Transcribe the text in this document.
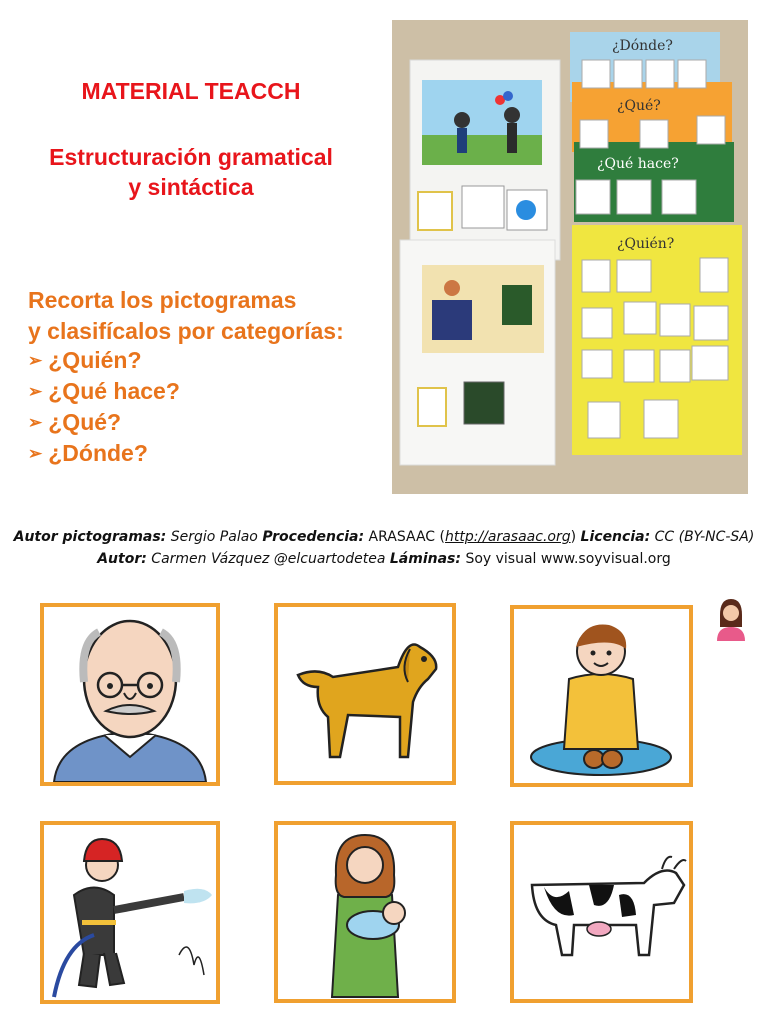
MATERIAL TEACCH
Estructuración gramatical
y sintáctica
Recorta los pictogramas
y clasifícalos por categorías:
➢ ¿Quién?
➢ ¿Qué hace?
➢ ¿Qué?
➢ ¿Dónde?
¿Dónde?
¿Qué?
¿Qué hace?
¿Quién?
Autor pictogramas: Sergio Palao Procedencia: ARASAAC (http://arasaac.org) Licencia: CC (BY-NC-SA) Autor: Carmen Vázquez @elcuartodetea Láminas: Soy visual www.soyvisual.org
